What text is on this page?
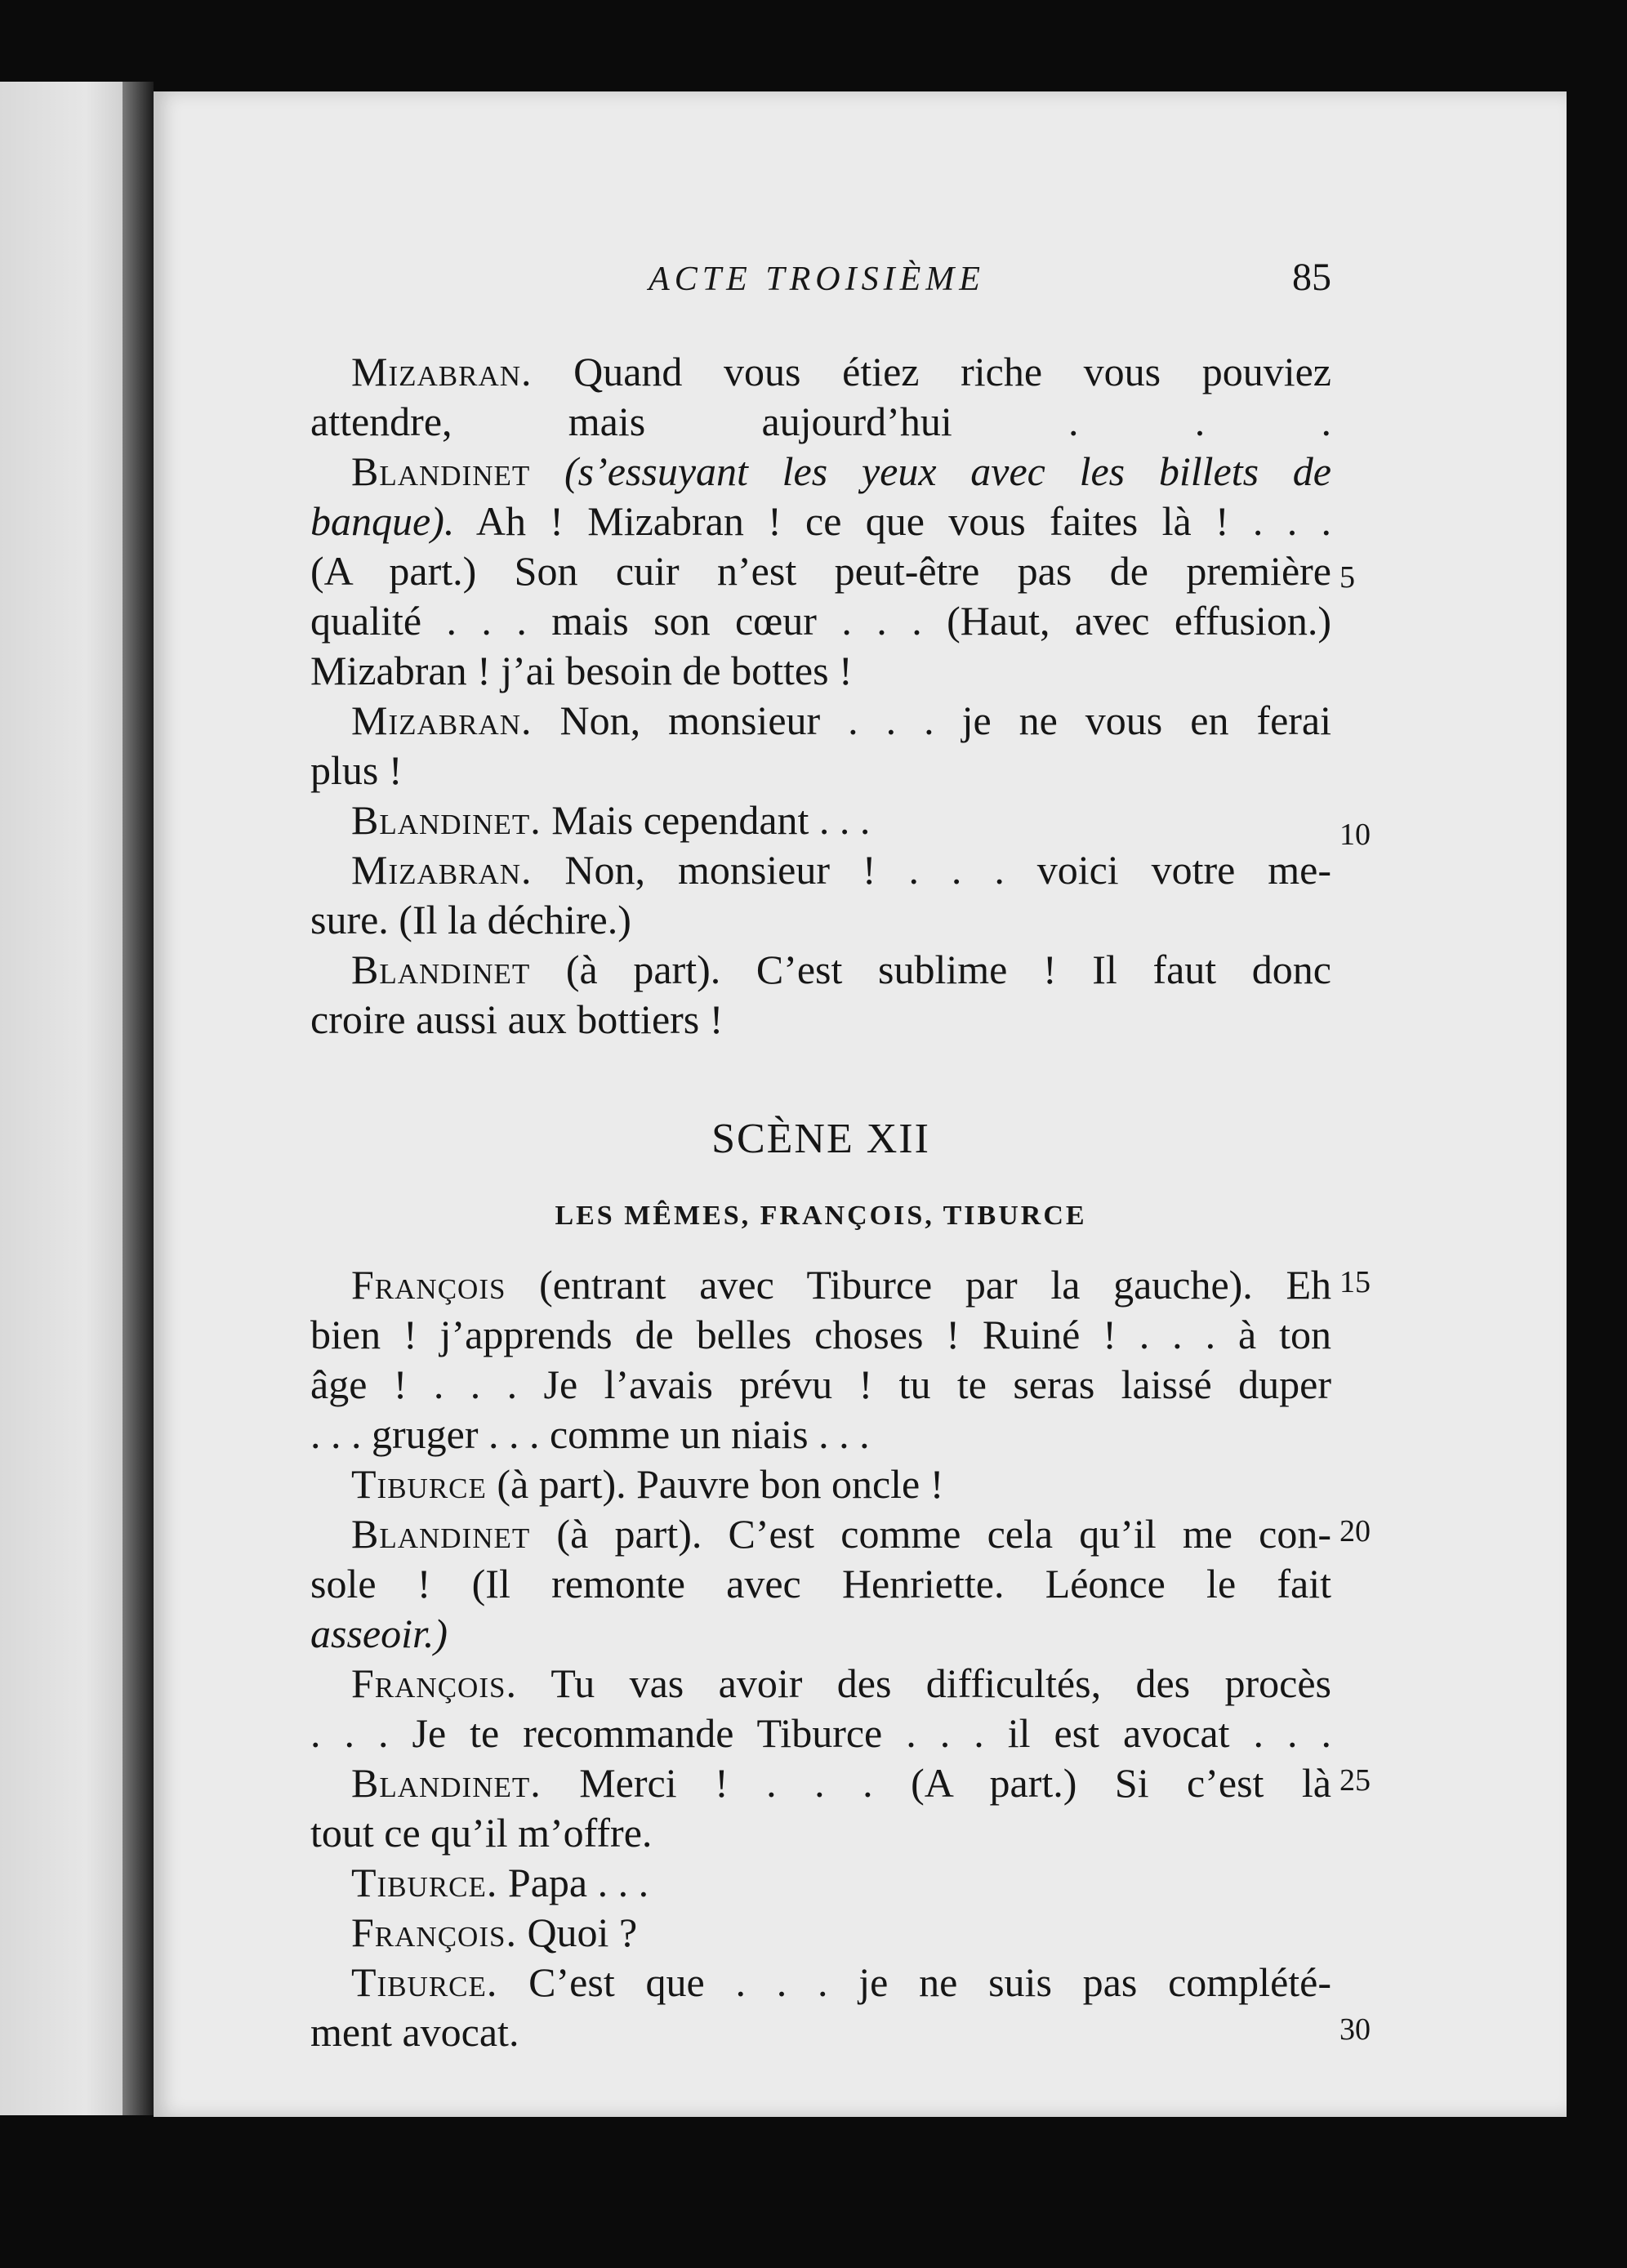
ACTE TROISIÈME	85
Mizabran. Quand vous étiez riche vous pouviez
attendre, mais aujourd’hui . . .
Blandinet (s’essuyant les yeux avec les billets de
banque). Ah ! Mizabran ! ce que vous faites là ! . . .
(A part.) Son cuir n’est peut-être pas de première
qualité . . . mais son cœur . . . (Haut, avec effusion.)
Mizabran ! j’ai besoin de bottes !
Mizabran. Non, monsieur . . . je ne vous en ferai
plus !
Blandinet. Mais cependant . . .
Mizabran. Non, monsieur ! . . . voici votre me-
sure. (Il la déchire.)
Blandinet (à part). C’est sublime ! Il faut donc
croire aussi aux bottiers !
5
10
SCÈNE XII
LES MÊMES, FRANÇOIS, TIBURCE
François (entrant avec Tiburce par la gauche). Eh
bien ! j’apprends de belles choses ! Ruiné ! . . . à ton
âge ! . . . Je l’avais prévu ! tu te seras laissé duper
. . . gruger . . . comme un niais . . .
Tiburce (à part). Pauvre bon oncle !
Blandinet (à part). C’est comme cela qu’il me con-
sole ! (Il remonte avec Henriette. Léonce le fait
asseoir.)
François. Tu vas avoir des difficultés, des procès
. . . Je te recommande Tiburce . . . il est avocat . . .
Blandinet. Merci ! . . . (A part.) Si c’est là
tout ce qu’il m’offre.
Tiburce. Papa . . .
François. Quoi ?
Tiburce. C’est que . . . je ne suis pas complété-
ment avocat.
15
20
25
30
